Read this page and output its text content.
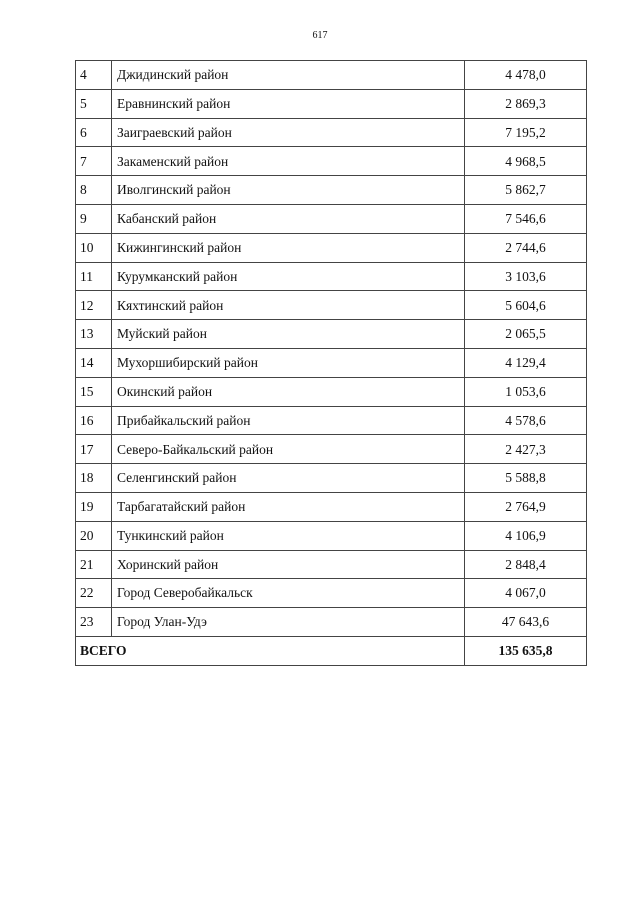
617
4	Джидинский район	4 478,0
5	Еравнинский район	2 869,3
6	Заиграевский район	7 195,2
7	Закаменский район	4 968,5
8	Иволгинский район	5 862,7
9	Кабанский район	7 546,6
10	Кижингинский район	2 744,6
11	Курумканский район	3 103,6
12	Кяхтинский район	5 604,6
13	Муйский район	2 065,5
14	Мухоршибирский район	4 129,4
15	Окинский район	1 053,6
16	Прибайкальский район	4 578,6
17	Северо-Байкальский район	2 427,3
18	Селенгинский район	5 588,8
19	Тарбагатайский район	2 764,9
20	Тункинский район	4 106,9
21	Хоринский район	2 848,4
22	Город Северобайкальск	4 067,0
23	Город Улан-Удэ	47 643,6
ВСЕГО		135 635,8
